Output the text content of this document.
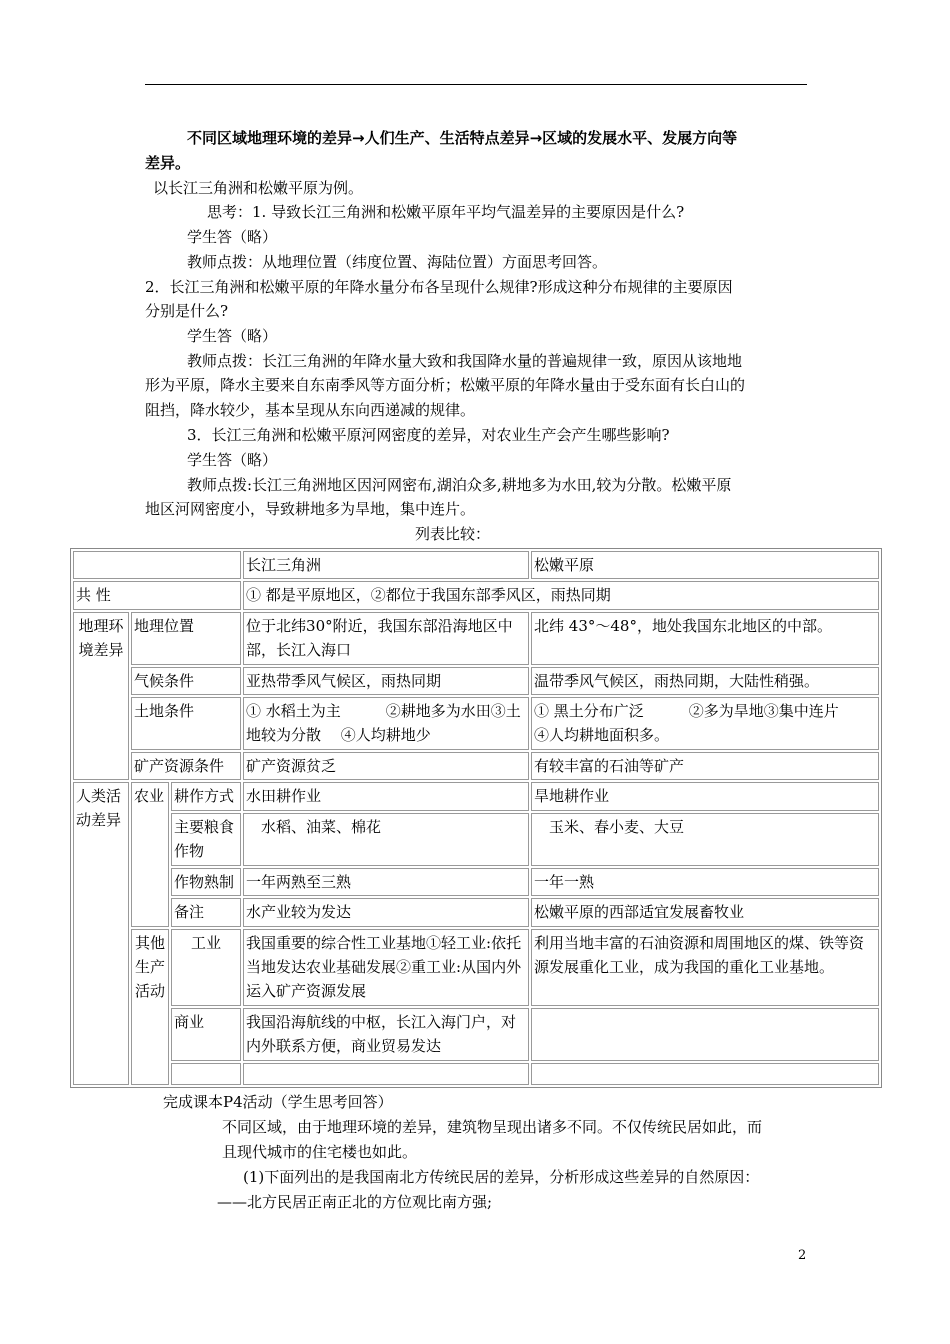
不同区域地理环境的差异→人们生产、生活特点差异→区域的发展水平、发展方向等
差异。
以长江三角洲和松嫩平原为例。
思考：1. 导致长江三角洲和松嫩平原年平均气温差异的主要原因是什么?
学生答（略）
教师点拨：从地理位置（纬度位置、海陆位置）方面思考回答。
2．长江三角洲和松嫩平原的年降水量分布各呈现什么规律?形成这种分布规律的主要原因
分别是什么?
学生答（略）
教师点拨：长江三角洲的年降水量大致和我国降水量的普遍规律一致，原因从该地地
形为平原，降水主要来自东南季风等方面分析；松嫩平原的年降水量由于受东面有长白山的
阻挡，降水较少，基本呈现从东向西递减的规律。
3．长江三角洲和松嫩平原河网密度的差异，对农业生产会产生哪些影响?
学生答（略）
教师点拨:长江三角洲地区因河网密布,湖泊众多,耕地多为水田,较为分散。松嫩平原
地区河网密度小，导致耕地多为旱地，集中连片。
列表比较：
			长江三角洲	松嫩平原
共 性			① 都是平原地区，②都位于我国东部季风区，雨热同期	
地理环境差异	地理位置		位于北纬30°附近，我国东部沿海地区中部，长江入海口	北纬 43°～48°，地处我国东北地区的中部。
	气候条件		亚热带季风气候区，雨热同期	温带季风气候区，雨热同期，大陆性稍强。
	土地条件		① 水稻土为主　　　②耕地多为水田③土地较为分散　 ④人均耕地少	① 黑土分布广泛　　　②多为旱地③集中连片　　　　④人均耕地面积多。
	矿产资源条件		矿产资源贫乏	有较丰富的石油等矿产
人类活动差异	农业	耕作方式	水田耕作业	旱地耕作业
		主要粮食作物	　水稻、油菜、棉花	　玉米、春小麦、大豆
		作物熟制	一年两熟至三熟	一年一熟
		备注	水产业较为发达	松嫩平原的西部适宜发展畜牧业
	其他生产活动	工业	我国重要的综合性工业基地①轻工业:依托当地发达农业基础发展②重工业:从国内外运入矿产资源发展	利用当地丰富的石油资源和周围地区的煤、铁等资源发展重化工业，成为我国的重化工业基地。
		商业	我国沿海航线的中枢，长江入海门户，对内外联系方便，商业贸易发达	

完成课本P4活动（学生思考回答）
不同区域，由于地理环境的差异，建筑物呈现出诸多不同。不仅传统民居如此，而
且现代城市的住宅楼也如此。
(1)下面列出的是我国南北方传统民居的差异，分析形成这些差异的自然原因：
——北方民居正南正北的方位观比南方强;
2
